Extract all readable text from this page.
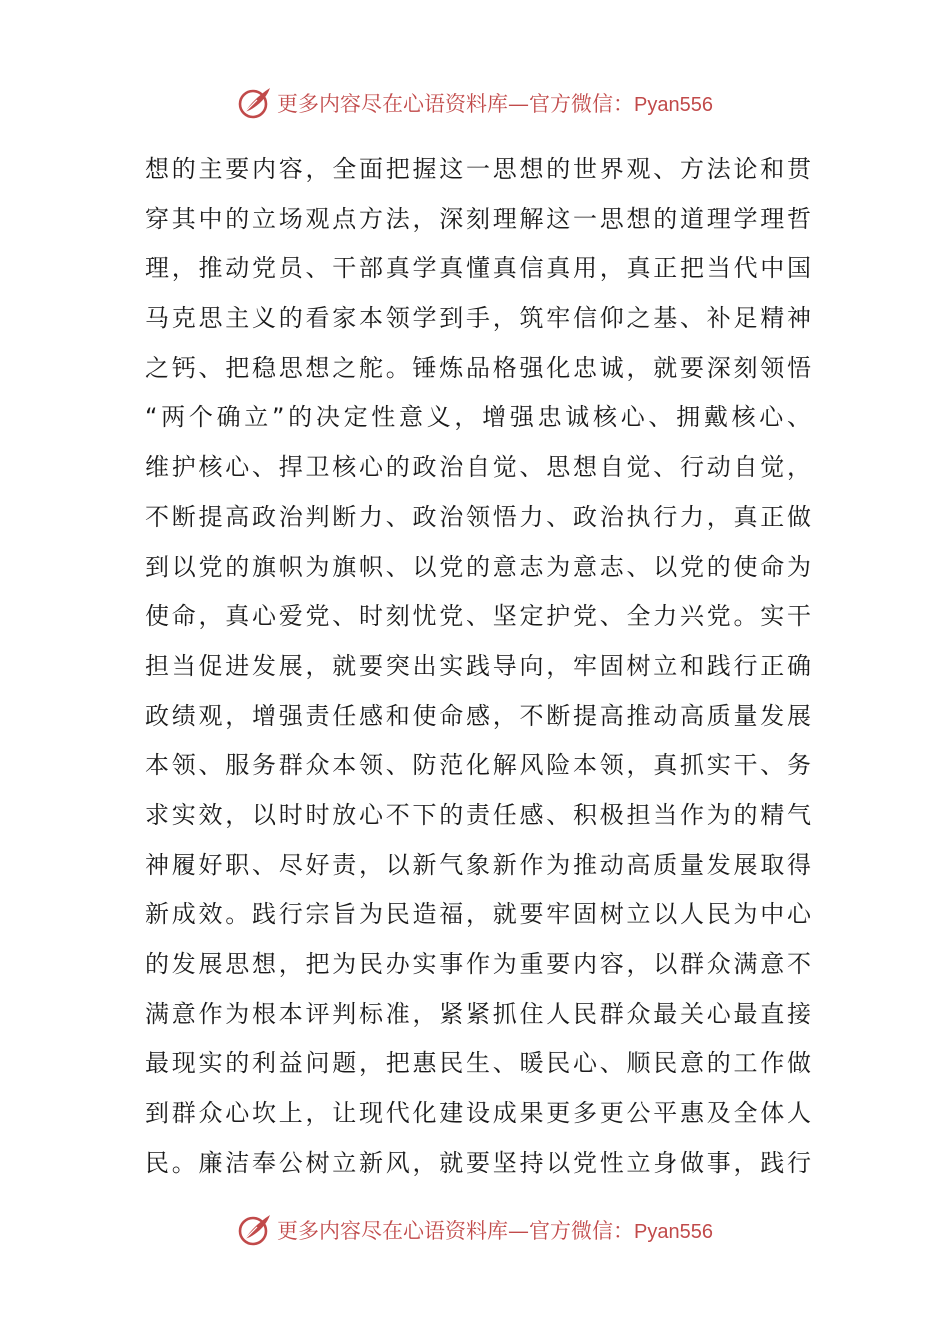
更多内容尽在心语资料库—官方微信：Pyan556
想的主要内容，全面把握这一思想的世界观、方法论和贯
穿其中的立场观点方法，深刻理解这一思想的道理学理哲
理，推动党员、干部真学真懂真信真用，真正把当代中国
马克思主义的看家本领学到手，筑牢信仰之基、补足精神
之钙、把稳思想之舵。锤炼品格强化忠诚，就要深刻领悟
“两个确立”的决定性意义，增强忠诚核心、拥戴核心、
维护核心、捍卫核心的政治自觉、思想自觉、行动自觉，
不断提高政治判断力、政治领悟力、政治执行力，真正做
到以党的旗帜为旗帜、以党的意志为意志、以党的使命为
使命，真心爱党、时刻忧党、坚定护党、全力兴党。实干
担当促进发展，就要突出实践导向，牢固树立和践行正确
政绩观，增强责任感和使命感，不断提高推动高质量发展
本领、服务群众本领、防范化解风险本领，真抓实干、务
求实效，以时时放心不下的责任感、积极担当作为的精气
神履好职、尽好责，以新气象新作为推动高质量发展取得
新成效。践行宗旨为民造福，就要牢固树立以人民为中心
的发展思想，把为民办实事作为重要内容，以群众满意不
满意作为根本评判标准，紧紧抓住人民群众最关心最直接
最现实的利益问题，把惠民生、暖民心、顺民意的工作做
到群众心坎上，让现代化建设成果更多更公平惠及全体人
民。廉洁奉公树立新风，就要坚持以党性立身做事，践行
更多内容尽在心语资料库—官方微信：Pyan556
